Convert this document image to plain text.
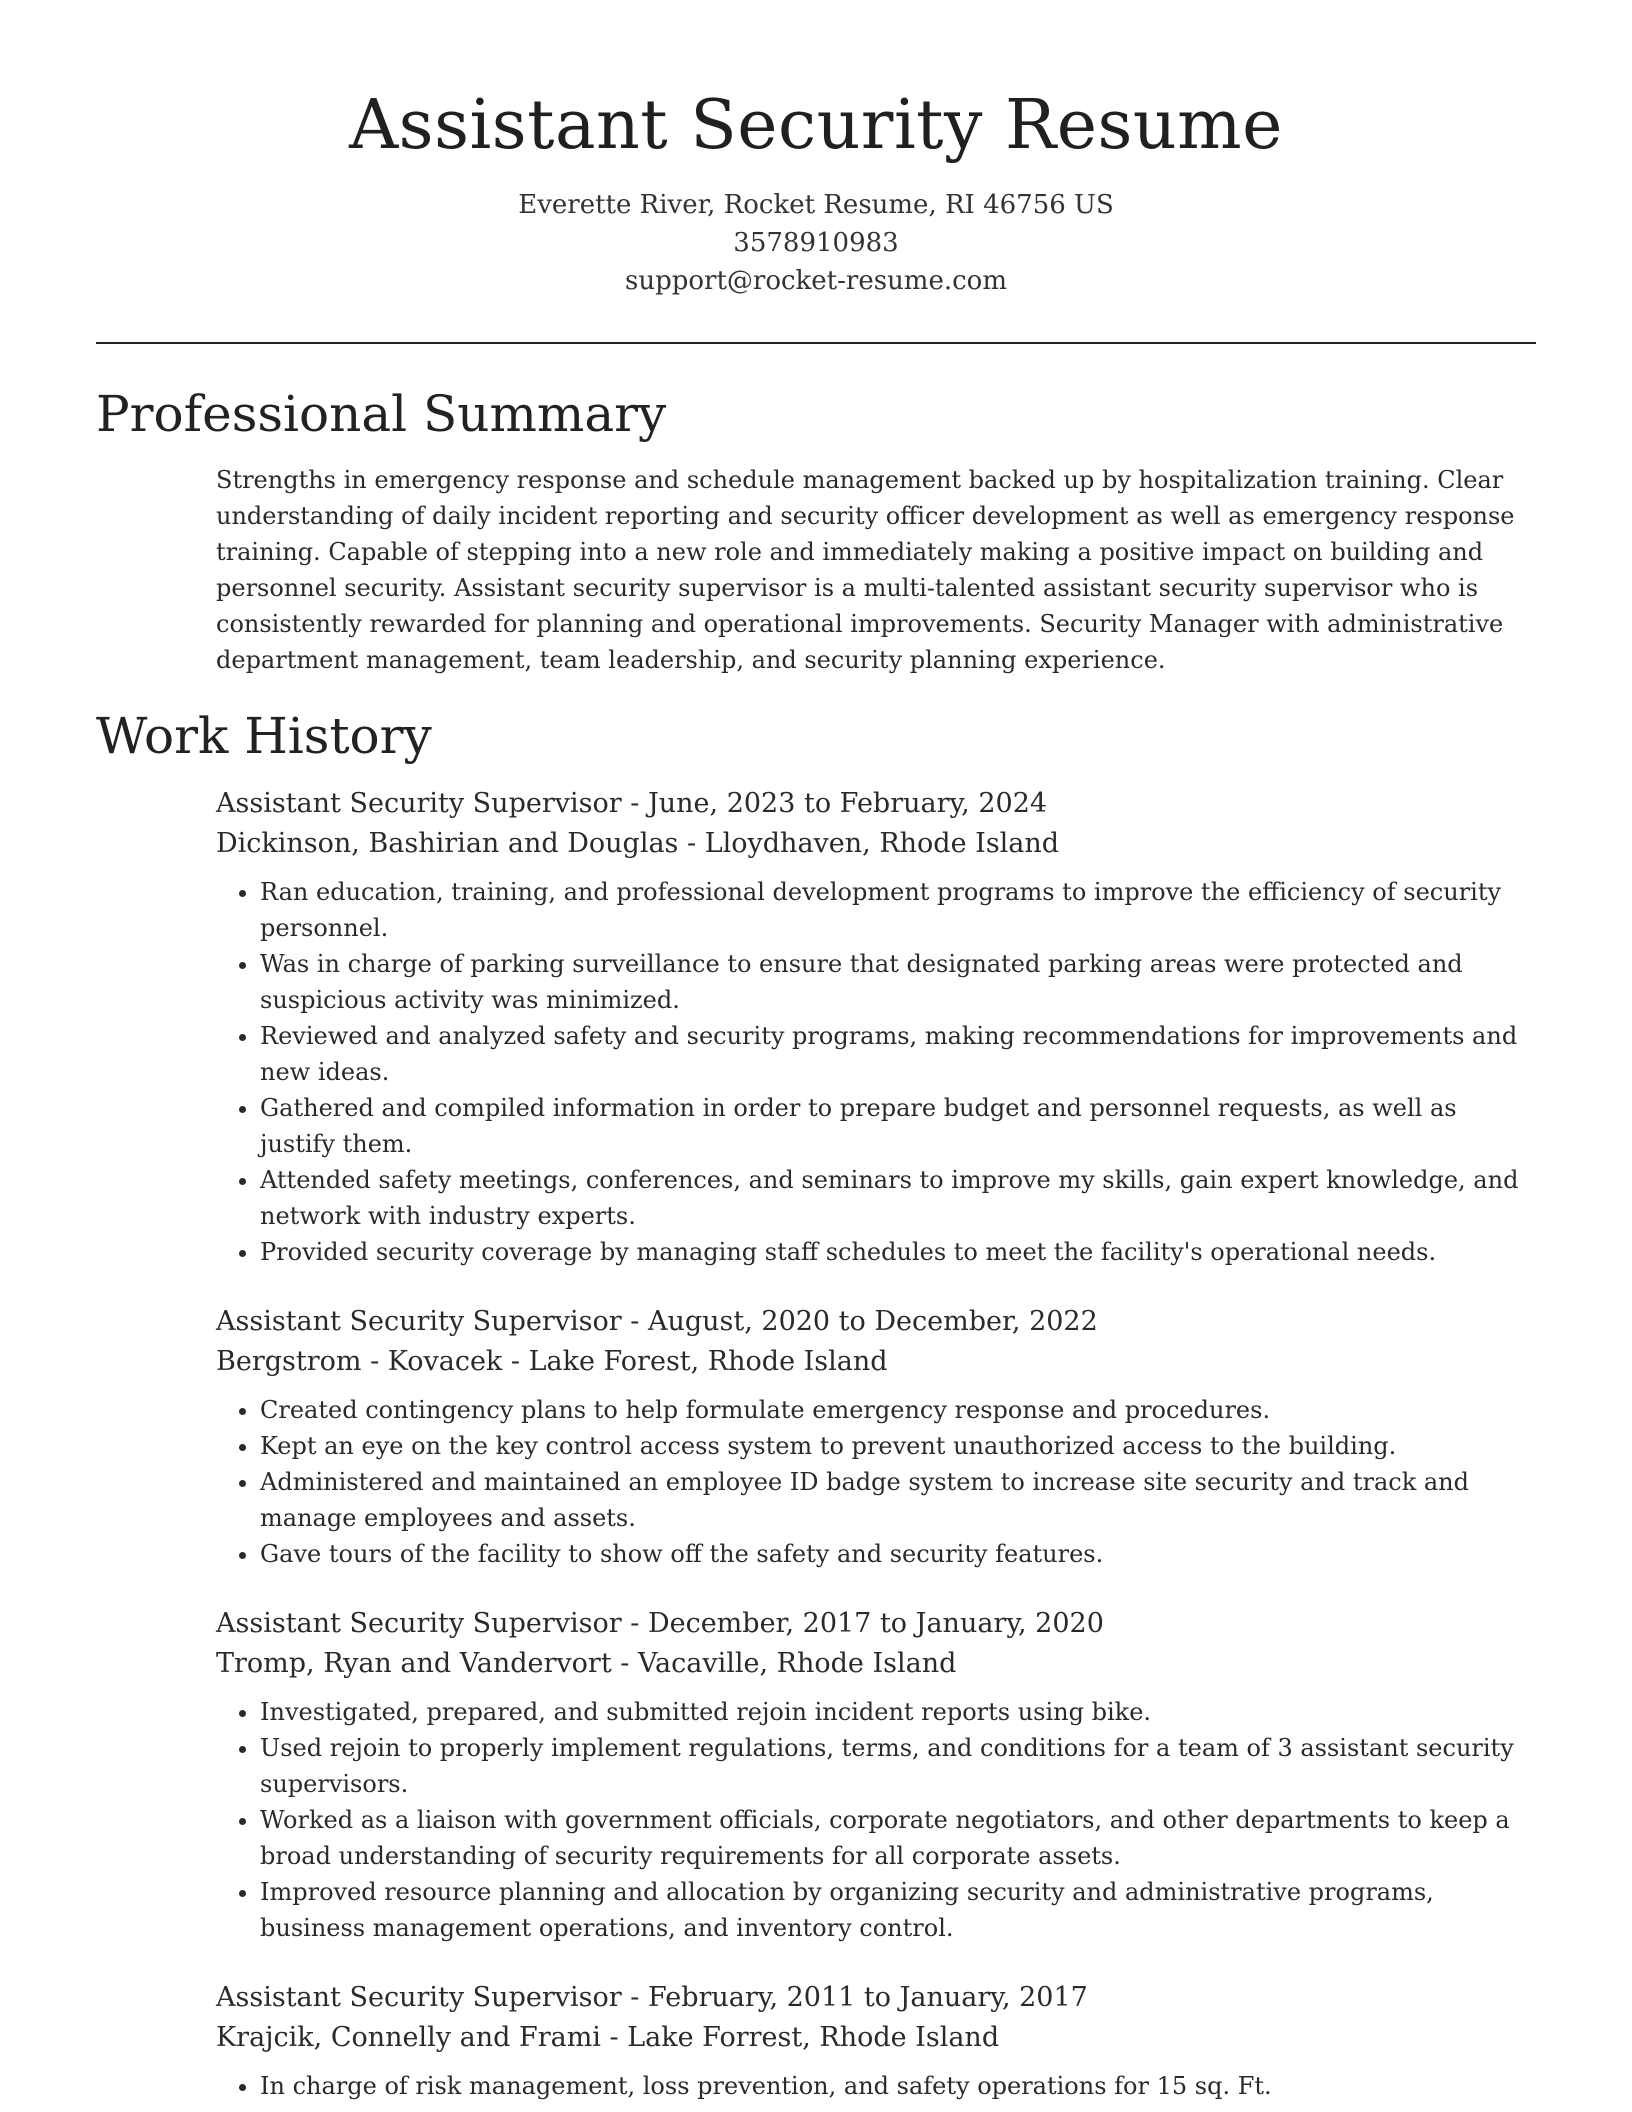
Assistant Security Resume
Everette River, Rocket Resume, RI 46756 US
3578910983
support@rocket-resume.com
Professional Summary

Strengths in emergency response and schedule management backed up by hospitalization training. Clear understanding of daily incident reporting and security officer development as well as emergency response training. Capable of stepping into a new role and immediately making a positive impact on building and personnel security. Assistant security supervisor is a multi-talented assistant security supervisor who is consistently rewarded for planning and operational improvements. Security Manager with administrative department management, team leadership, and security planning experience.

Work History
Assistant Security Supervisor - June, 2023 to February, 2024
Dickinson, Bashirian and Douglas - Lloydhaven, Rhode Island
• Ran education, training, and professional development programs to improve the efficiency of security personnel.
• Was in charge of parking surveillance to ensure that designated parking areas were protected and suspicious activity was minimized.
• Reviewed and analyzed safety and security programs, making recommendations for improvements and new ideas.
• Gathered and compiled information in order to prepare budget and personnel requests, as well as justify them.
• Attended safety meetings, conferences, and seminars to improve my skills, gain expert knowledge, and network with industry experts.
• Provided security coverage by managing staff schedules to meet the facility's operational needs.
Assistant Security Supervisor - August, 2020 to December, 2022
Bergstrom - Kovacek - Lake Forest, Rhode Island
• Created contingency plans to help formulate emergency response and procedures.
• Kept an eye on the key control access system to prevent unauthorized access to the building.
• Administered and maintained an employee ID badge system to increase site security and track and manage employees and assets.
• Gave tours of the facility to show off the safety and security features.
Assistant Security Supervisor - December, 2017 to January, 2020
Tromp, Ryan and Vandervort - Vacaville, Rhode Island
• Investigated, prepared, and submitted rejoin incident reports using bike.
• Used rejoin to properly implement regulations, terms, and conditions for a team of 3 assistant security supervisors.
• Worked as a liaison with government officials, corporate negotiators, and other departments to keep a broad understanding of security requirements for all corporate assets.
• Improved resource planning and allocation by organizing security and administrative programs, business management operations, and inventory control.
Assistant Security Supervisor - February, 2011 to January, 2017
Krajcik, Connelly and Frami - Lake Forrest, Rhode Island
• In charge of risk management, loss prevention, and safety operations for 15 sq. Ft.
